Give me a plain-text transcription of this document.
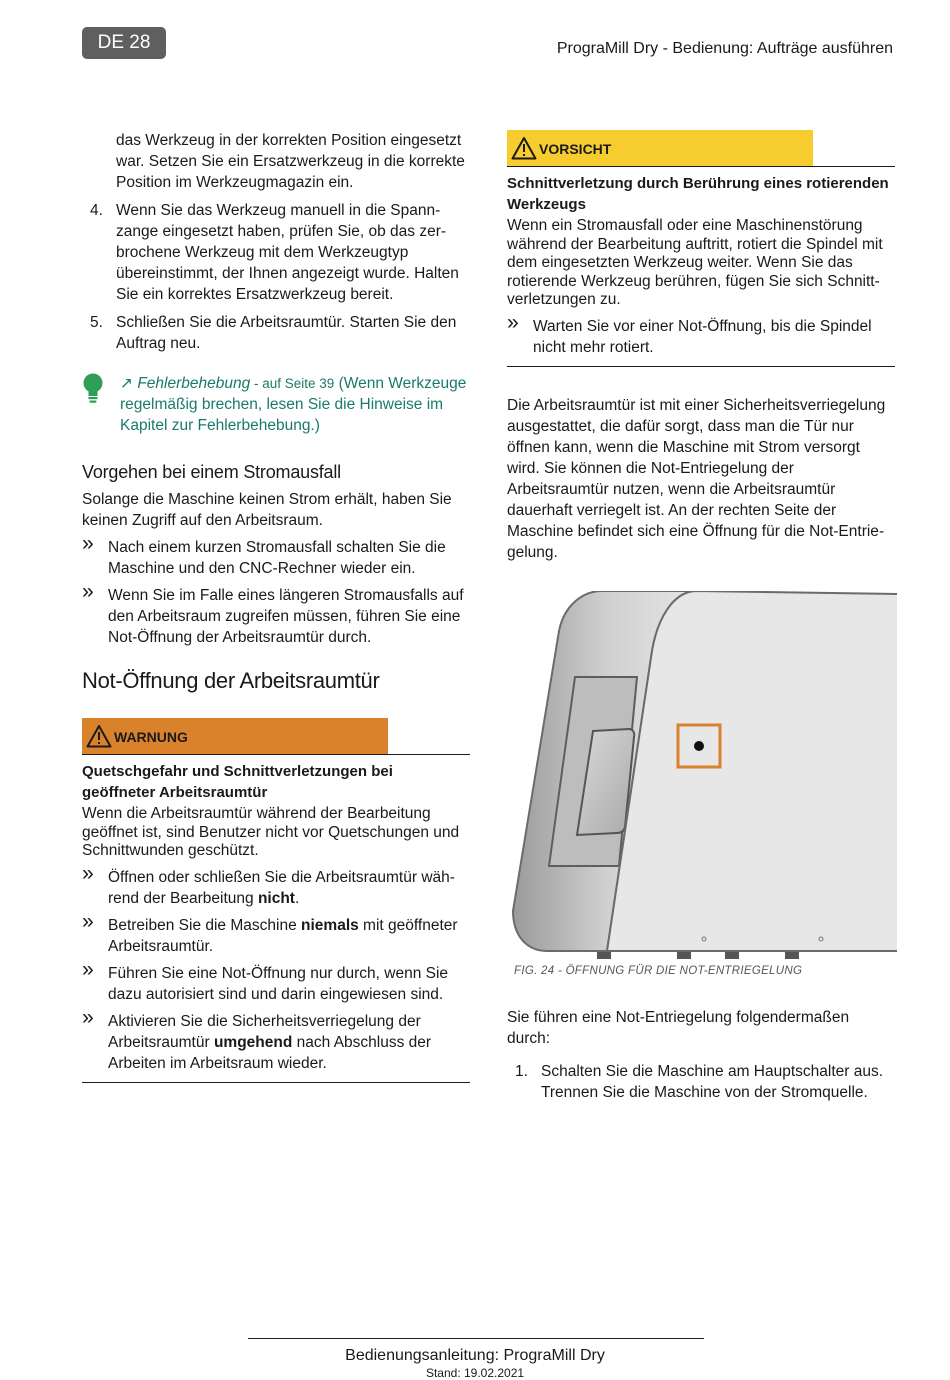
DE 28	PrograMill Dry - Bedienung: Aufträge ausführen

das Werkzeug in der korrekten Position eingesetzt war. Setzen Sie ein Ersatzwerkzeug in die korrekte Position im Werkzeugmagazin ein.

4. Wenn Sie das Werkzeug manuell in die Spannzange eingesetzt haben, prüfen Sie, ob das zerbrochene Werkzeug mit dem Werkzeugtyp übereinstimmt, der Ihnen angezeigt wurde. Halten Sie ein korrektes Ersatzwerkzeug bereit.
5. Schließen Sie die Arbeitsraumtür. Starten Sie den Auftrag neu.
↗︎ Fehlerbehebung - auf Seite 39 (Wenn Werkzeuge regelmäßig brechen, lesen Sie die Hinweise im Kapitel zur Fehlerbehebung.)
Vorgehen bei einem Stromausfall

Solange die Maschine keinen Strom erhält, haben Sie keinen Zugriff auf den Arbeitsraum.

» Nach einem kurzen Stromausfall schalten Sie die Maschine und den CNC-Rechner wieder ein.
» Wenn Sie im Falle eines längeren Stromausfalls auf den Arbeitsraum zugreifen müssen, führen Sie eine Not-Öffnung der Arbeitsraumtür durch.
Not-Öffnung der Arbeitsraumtür
WARNUNG
Quetschgefahr und Schnittverletzungen bei geöffneter Arbeitsraumtür

Wenn die Arbeitsraumtür während der Bearbeitung geöffnet ist, sind Benutzer nicht vor Quetschungen und Schnittwunden geschützt.

» Öffnen oder schließen Sie die Arbeitsraumtür während der Bearbeitung nicht.
» Betreiben Sie die Maschine niemals mit geöffneter Arbeitsraumtür.
» Führen Sie eine Not-Öffnung nur durch, wenn Sie dazu autorisiert sind und darin eingewiesen sind.
» Aktivieren Sie die Sicherheitsverriegelung der Arbeitsraumtür umgehend nach Abschluss der Arbeiten im Arbeitsraum wieder.
VORSICHT
Schnittverletzung durch Berührung eines rotierenden Werkzeugs

Wenn ein Stromausfall oder eine Maschinenstörung während der Bearbeitung auftritt, rotiert die Spindel mit dem eingesetzten Werkzeug weiter. Wenn Sie das rotierende Werkzeug berühren, fügen Sie sich Schnittverletzungen zu.

» Warten Sie vor einer Not-Öffnung, bis die Spindel nicht mehr rotiert.

Die Arbeitsraumtür ist mit einer Sicherheitsverriegelung ausgestattet, die dafür sorgt, dass man die Tür nur öffnen kann, wenn die Maschine mit Strom versorgt wird. Sie können die Not-Entriegelung der Arbeitsraumtür nutzen, wenn die Arbeitsraumtür dauerhaft verriegelt ist. An der rechten Seite der Maschine befindet sich eine Öffnung für die Not-Entriegelung.

FIG. 24 - ÖFFNUNG FÜR DIE NOT-ENTRIEGELUNG

Sie führen eine Not-Entriegelung folgendermaßen durch:

1. Schalten Sie die Maschine am Hauptschalter aus. Trennen Sie die Maschine von der Stromquelle.
Bedienungsanleitung: PrograMill Dry
Stand: 19.02.2021
